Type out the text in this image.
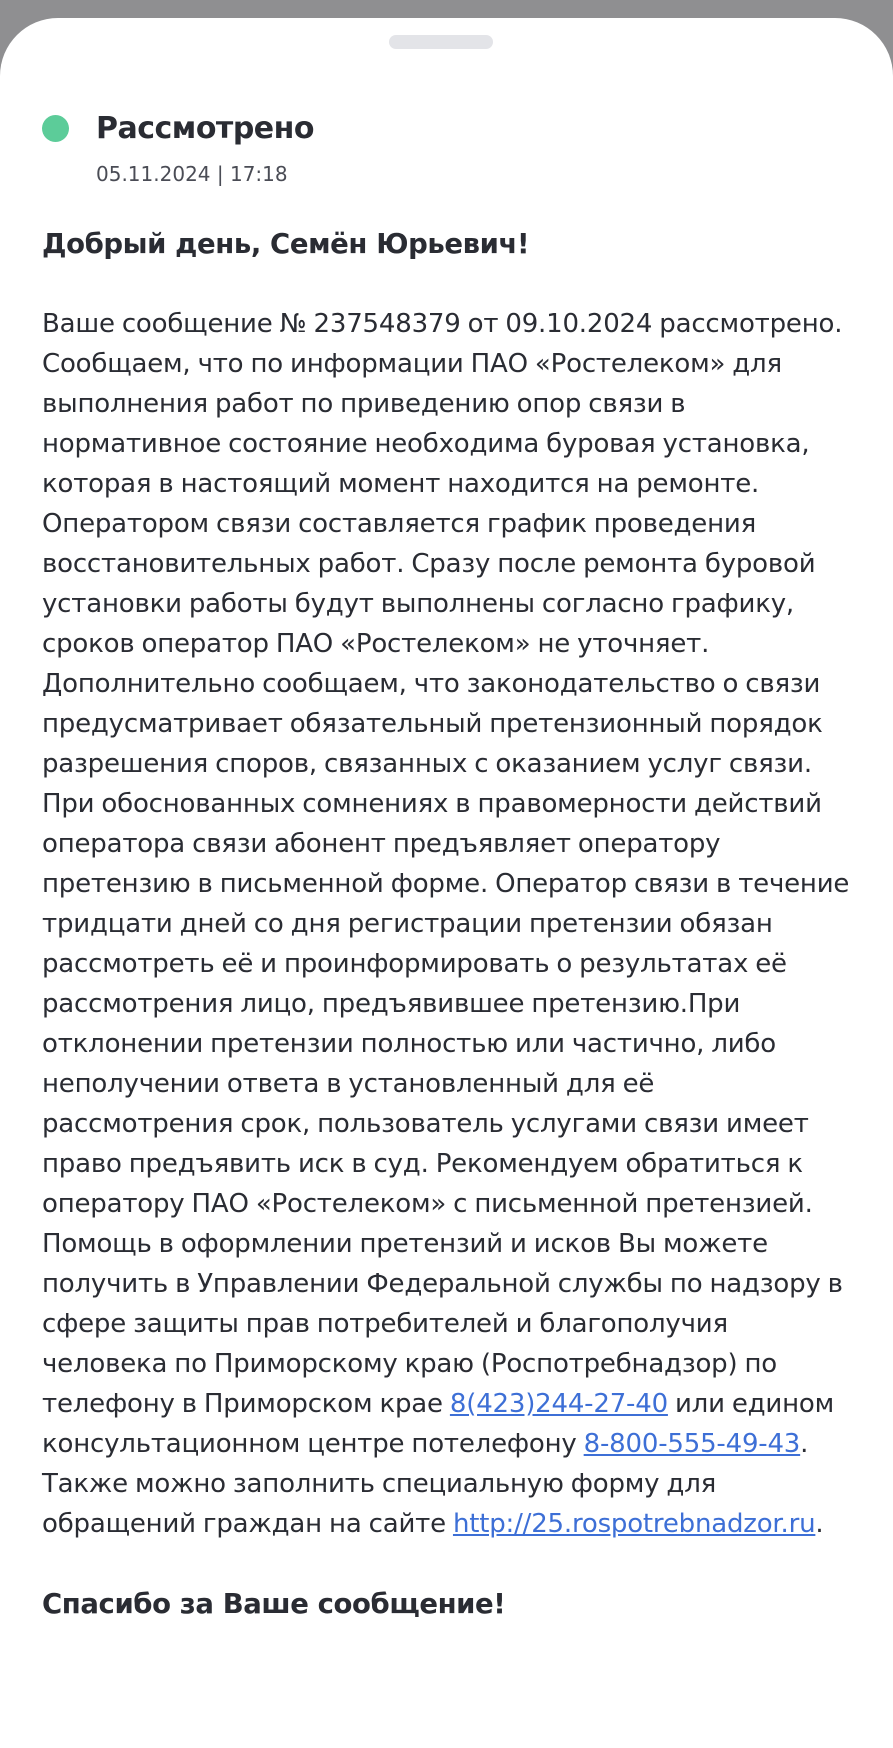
Рассмотрено
05.11.2024 | 17:18

Добрый день, Семён Юрьевич!

Ваше сообщение № 237548379 от 09.10.2024 рассмотрено. Сообщаем, что по информации ПАО «Ростелеком» для выполнения работ по приведению опор связи в нормативное состояние необходима буровая установка, которая в настоящий момент находится на ремонте. Оператором связи составляется график проведения восстановительных работ. Сразу после ремонта буровой установки работы будут выполнены согласно графику, сроков оператор ПАО «Ростелеком» не уточняет. Дополнительно сообщаем, что законодательство о связи предусматривает обязательный претензионный порядок разрешения споров, связанных с оказанием услуг связи. При обоснованных сомнениях в правомерности действий оператора связи абонент предъявляет оператору претензию в письменной форме. Оператор связи в течение тридцати дней со дня регистрации претензии обязан рассмотреть её и проинформировать о результатах её рассмотрения лицо, предъявившее претензию.При отклонении претензии полностью или частично, либо неполучении ответа в установленный для её рассмотрения срок, пользователь услугами связи имеет право предъявить иск в суд. Рекомендуем обратиться к оператору ПАО «Ростелеком» с письменной претензией. Помощь в оформлении претензий и исков Вы можете получить в Управлении Федеральной службы по надзору в сфере защиты прав потребителей и благополучия человека по Приморскому краю (Роспотребнадзор) по телефону в Приморском крае 8(423)244-27-40 или едином консультационном центре потелефону 8-800-555-49-43. Также можно заполнить специальную форму для обращений граждан на сайте http://25.rospotrebnadzor.ru.

Спасибо за Ваше сообщение!
